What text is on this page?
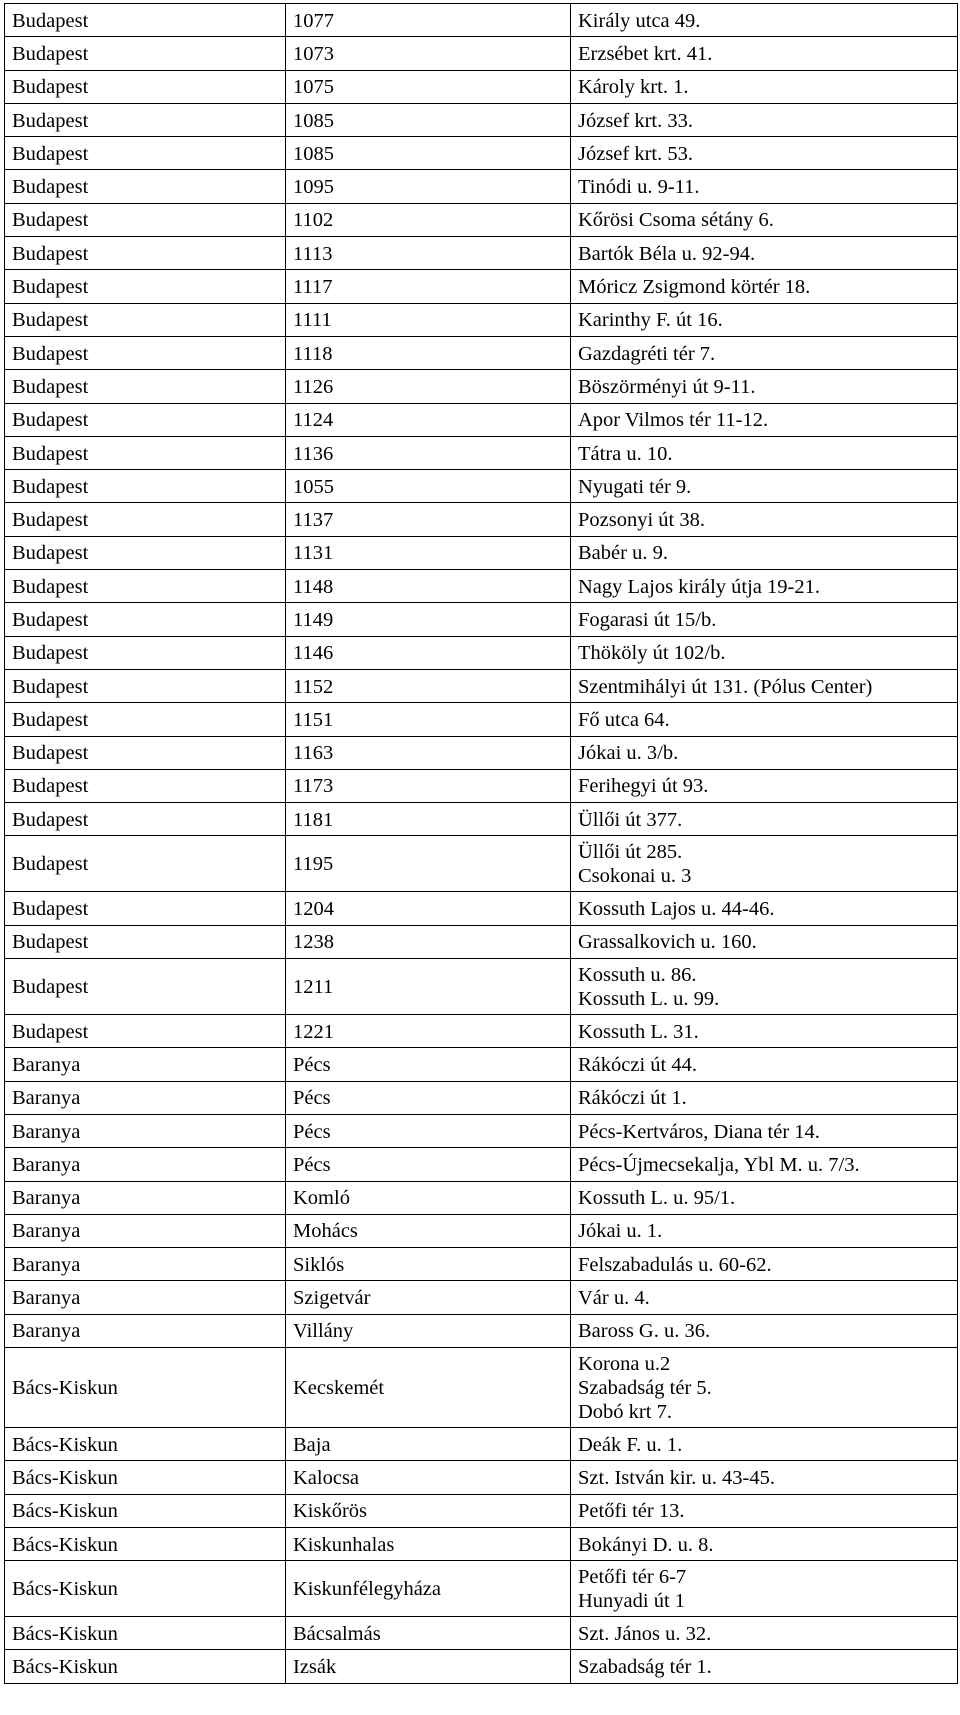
Budapest	1077	Király utca 49.

Budapest	1073	Erzsébet krt. 41.

Budapest	1075	Károly krt. 1.

Budapest	1085	József krt. 33.

Budapest	1085	József krt. 53.

Budapest	1095	Tinódi u. 9-11.

Budapest	1102	Kőrösi Csoma sétány 6.

Budapest	1113	Bartók Béla u. 92-94.

Budapest	1117	Móricz Zsigmond körtér 18.

Budapest	1111	Karinthy F. út 16.

Budapest	1118	Gazdagréti tér 7.

Budapest	1126	Böszörményi út 9-11.

Budapest	1124	Apor Vilmos tér 11-12.

Budapest	1136	Tátra u. 10.

Budapest	1055	Nyugati tér 9.

Budapest	1137	Pozsonyi út 38.

Budapest	1131	Babér u. 9.

Budapest	1148	Nagy Lajos király útja 19-21.

Budapest	1149	Fogarasi út 15/b.

Budapest	1146	Thököly út 102/b.

Budapest	1152	Szentmihályi út 131. (Pólus Center)

Budapest	1151	Fő utca 64.

Budapest	1163	Jókai u. 3/b.

Budapest	1173	Ferihegyi út 93.

Budapest	1181	Üllői út 377.

Budapest	1195	Üllői út 285.
Csokonai u. 3

Budapest	1204	Kossuth Lajos u. 44-46.

Budapest	1238	Grassalkovich u. 160.

Budapest	1211	Kossuth u. 86.
Kossuth L. u. 99.

Budapest	1221	Kossuth L. 31.

Baranya	Pécs	Rákóczi út 44.

Baranya	Pécs	Rákóczi út 1.

Baranya	Pécs	Pécs-Kertváros, Diana tér 14.

Baranya	Pécs	Pécs-Újmecsekalja, Ybl M. u. 7/3.

Baranya	Komló	Kossuth L. u. 95/1.

Baranya	Mohács	Jókai u. 1.

Baranya	Siklós	Felszabadulás u. 60-62.

Baranya	Szigetvár	Vár u. 4.

Baranya	Villány	Baross G. u. 36.

Bács-Kiskun	Kecskemét	Korona u.2
Szabadság tér 5.
Dobó krt 7.

Bács-Kiskun	Baja	Deák F. u. 1.

Bács-Kiskun	Kalocsa	Szt. István kir. u. 43-45.

Bács-Kiskun	Kiskőrös	Petőfi tér 13.

Bács-Kiskun	Kiskunhalas	Bokányi D. u. 8.

Bács-Kiskun	Kiskunfélegyháza	Petőfi tér 6-7
Hunyadi út 1

Bács-Kiskun	Bácsalmás	Szt. János u. 32.

Bács-Kiskun	Izsák	Szabadság tér 1.
